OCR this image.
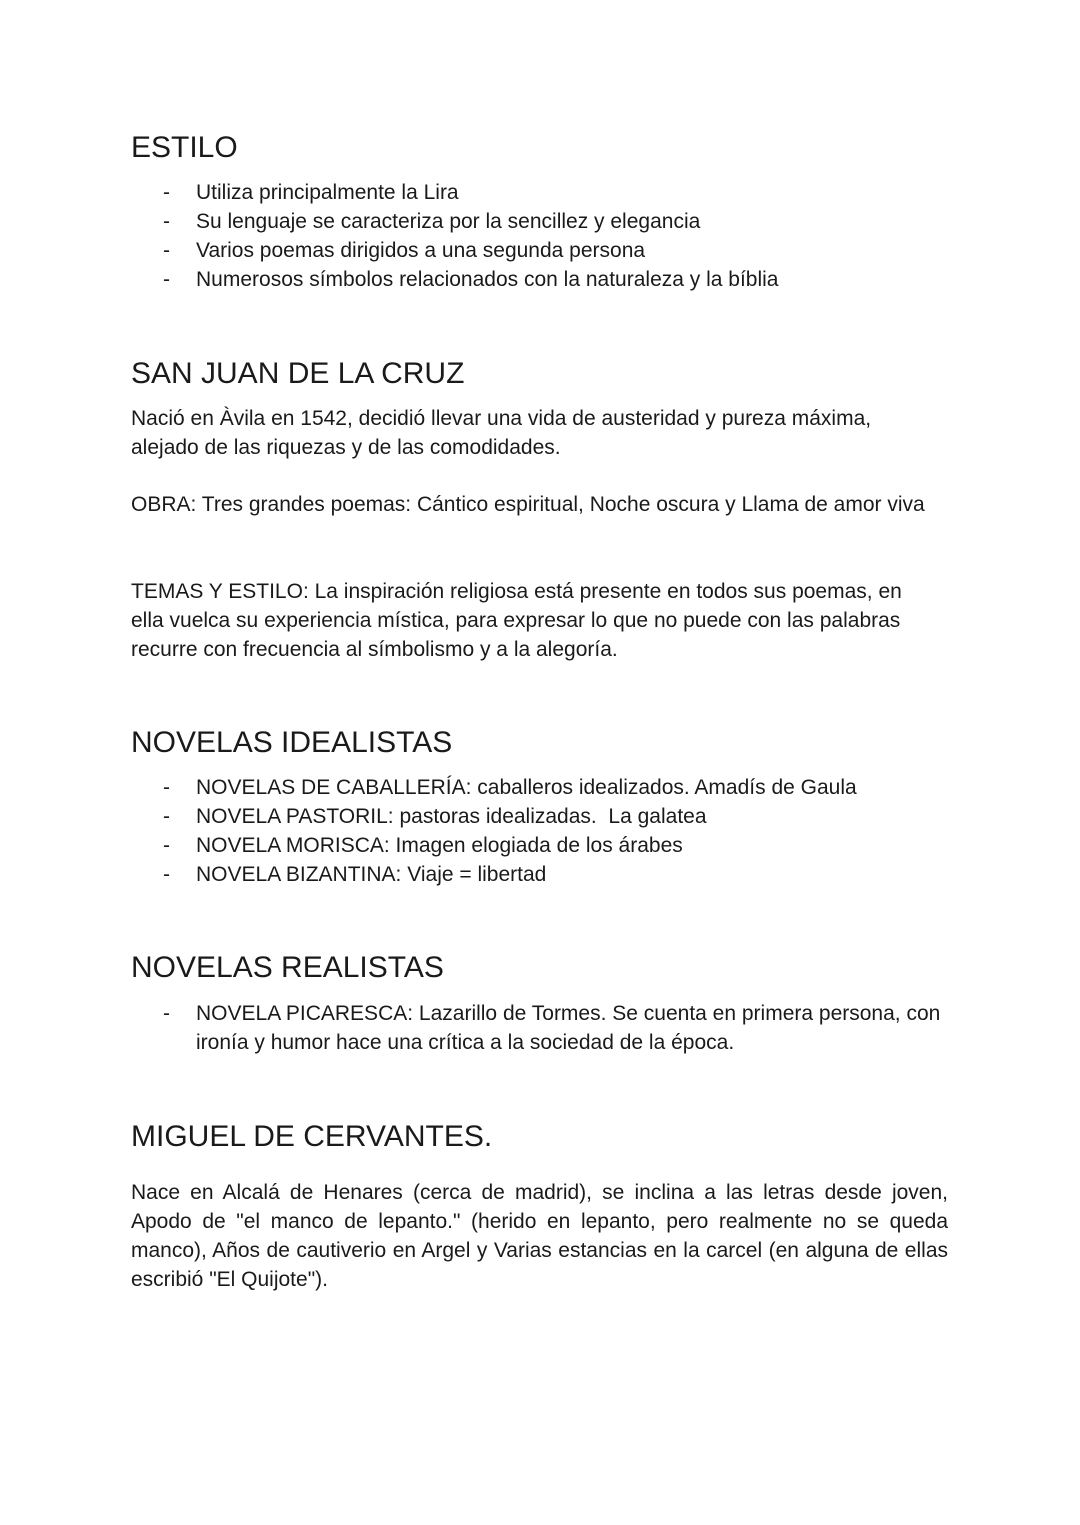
ESTILO
- Utiliza principalmente la Lira
- Su lenguaje se caracteriza por la sencillez y elegancia
- Varios poemas dirigidos a una segunda persona
- Numerosos símbolos relacionados con la naturaleza y la bíblia
SAN JUAN DE LA CRUZ

Nació en Àvila en 1542, decidió llevar una vida de austeridad y pureza máxima, alejado de las riquezas y de las comodidades.

OBRA: Tres grandes poemas: Cántico espiritual, Noche oscura y Llama de amor viva

TEMAS Y ESTILO: La inspiración religiosa está presente en todos sus poemas, en ella vuelca su experiencia mística, para expresar lo que no puede con las palabras recurre con frecuencia al símbolismo y a la alegoría.

NOVELAS IDEALISTAS
- NOVELAS DE CABALLERÍA: caballeros idealizados. Amadís de Gaula
- NOVELA PASTORIL: pastoras idealizadas.  La galatea
- NOVELA MORISCA: Imagen elogiada de los árabes
- NOVELA BIZANTINA: Viaje = libertad
NOVELAS REALISTAS
- NOVELA PICARESCA: Lazarillo de Tormes. Se cuenta en primera persona, con ironía y humor hace una crítica a la sociedad de la época.
MIGUEL DE CERVANTES.

Nace en Alcalá de Henares (cerca de madrid), se inclina a las letras desde joven, Apodo de "el manco de lepanto." (herido en lepanto, pero realmente no se queda manco), Años de cautiverio en Argel y Varias estancias en la carcel (en alguna de ellas escribió "El Quijote").
